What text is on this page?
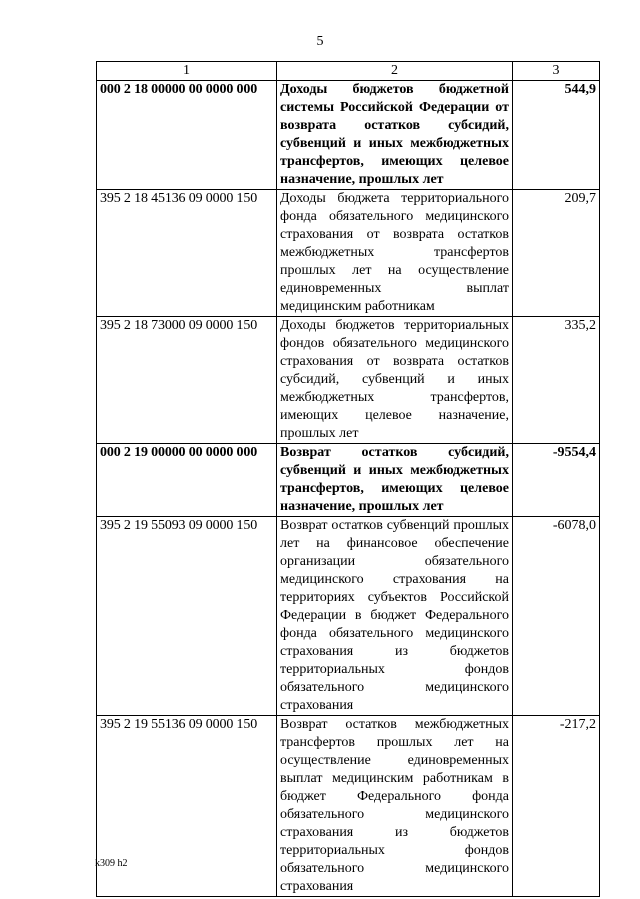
5
1	2	3
000 2 18 00000 00 0000 000	Доходы бюджетов бюджетной системы Российской Федерации от возврата остатков субсидий, субвенций и иных межбюджетных трансфертов, имеющих целевое назначение, прошлых лет	544,9
395 2 18 45136 09 0000 150	Доходы бюджета территориального фонда обязательного медицинского страхования от возврата остатков межбюджетных трансфертов прошлых лет на осуществление единовременных выплат медицинским работникам	209,7
395 2 18 73000 09 0000 150	Доходы бюджетов территориальных фондов обязательного медицинского страхования от возврата остатков субсидий, субвенций и иных межбюджетных трансфертов, имеющих целевое назначение, прошлых лет	335,2
000 2 19 00000 00 0000 000	Возврат остатков субсидий, субвенций и иных межбюджетных трансфертов, имеющих целевое назначение, прошлых лет	-9554,4
395 2 19 55093 09 0000 150	Возврат остатков субвенций прошлых лет на финансовое обеспечение организации обязательного медицинского страхования на территориях субъектов Российской Федерации в бюджет Федерального фонда обязательного медицинского страхования из бюджетов территориальных фондов обязательного медицинского страхования	-6078,0
395 2 19 55136 09 0000 150	Возврат остатков межбюджетных трансфертов прошлых лет на осуществление единовременных выплат медицинским работникам в бюджет Федерального фонда обязательного медицинского страхования из бюджетов территориальных фондов обязательного медицинского страхования	-217,2
k309 h2
